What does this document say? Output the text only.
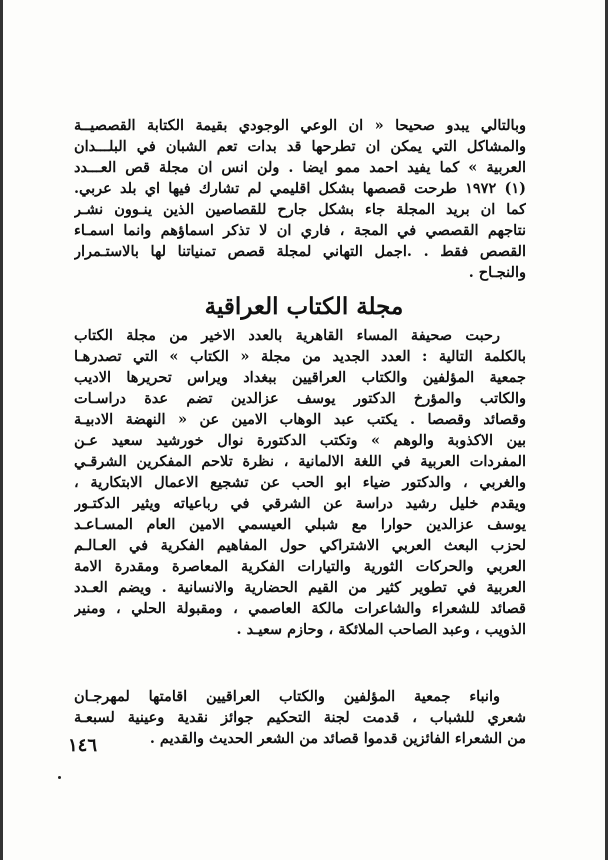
وبالتالي يبدو صحيحا « ان الوعي الوجودي بقيمة الكتابة القصصيــة
والمشاكل التي يمكن ان تطرحها قد بدات تعم الشبان في البلـــدان
العربية » كما يفيد احمد ممو ايضا . ولن انس ان مجلة قص العـــدد
(١) ١٩٧٢ طرحت قصصها بشكل اقليمي لم تشارك فيها اي بلد عربي.
كما ان بريد المجلة جاء بشكل جارح للقصاصين الذين ينـوون نشـر
نتاجهم القصصي في المجة ، فاري ان لا تذكر اسماؤهم وانما اسمـاء
القصص فقط . .اجمل التهاني لمجلة قصص تمنياتنا لها بالاستـمرار
والنجـاح .
مجلة الكتاب العراقية
رحبت صحيفة المساء القاهرية بالعدد الاخير من مجلة الكتاب
بالكلمة التالية : العدد الجديد من مجلة « الكتاب » التي تصدرهـا
جمعية المؤلفين والكتاب العراقيين ببغداد ويراس تحريرها الاديب
والكاتب والمؤرخ الدكتور يوسف عزالدين تضم عدة دراسـات
وقصائد وقصصا . يكتب عبد الوهاب الامين عن « النهضة الادبيـة
بين الاكذوبة والوهم » وتكتب الدكتورة نوال خورشيد سعيد عـن
المفردات العربية في اللغة الالمانية ، نظرة تلاحم المفكرين الشرقـي
والغربي ، والدكتور ضياء ابو الحب عن تشجيع الاعمال الابتكارية ،
ويقدم خليل رشيد دراسة عن الشرقي في رباعياته ويثير الدكتـور
يوسف عزالدين حوارا مع شبلي العيسمي الامين العام المسـاعـد
لحزب البعث العربي الاشتراكي حول المفاهيم الفكرية في العـالـم
العربي والحركات الثورية والتيارات الفكرية المعاصرة ومقدرة الامة
العربية في تطوير كثير من القيم الحضارية والانسانية . ويضم العـدد
قصائد للشعراء والشاعرات مالكة العاصمي ، ومقبولة الحلي ، ومنير
الذويب ، وعبد الصاحب الملائكة ، وحازم سعيـد .
وانباء جمعية المؤلفين والكتاب العراقيين اقامتها لمهرجـان
شعري للشباب ، قدمت لجنة التحكيم جوائز نقدية وعينية لسبعـة
من الشعراء الفائزين قدموا قصائد من الشعر الحديث والقديم .
١٤٦
